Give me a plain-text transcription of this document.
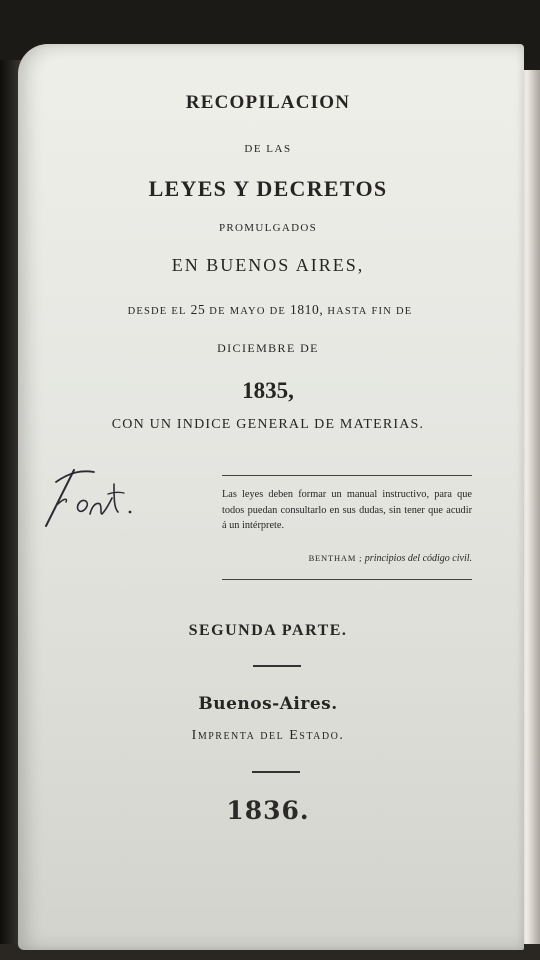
RECOPILACION

DE LAS

LEYES Y DECRETOS

PROMULGADOS

EN BUENOS AIRES,

DESDE EL 25 DE MAYO DE 1810, HASTA FIN DE

DICIEMBRE DE

1835,

CON UN INDICE GENERAL DE MATERIAS.

Las leyes deben formar un manual instructivo, para que todos puedan consultarlo en sus dudas, sin tener que acudir á un intérprete.

BENTHAM ; principios del código civil.

SEGUNDA PARTE.

Buenos-Aires.

Imprenta del Estado.

1836.
